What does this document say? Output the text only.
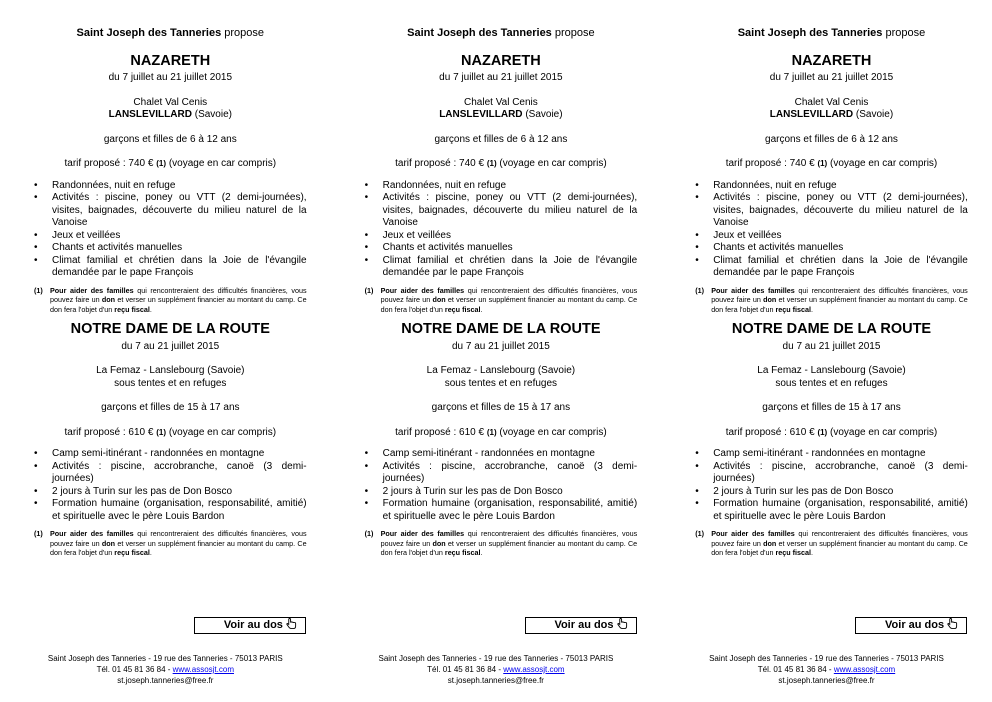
Saint Joseph des Tanneries propose
NAZARETH
du 7 juillet au 21 juillet 2015
Chalet Val Cenis
LANSLEVILLARD (Savoie)
garçons et filles de 6 à 12 ans
tarif proposé : 740 € (1) (voyage en car compris)
• Randonnées, nuit en refuge
• Activités : piscine, poney ou VTT (2 demi-journées), visites, baignades, découverte du milieu naturel de la Vanoise
• Jeux et veillées
• Chants et activités manuelles
• Climat familial et chrétien dans la Joie de l'évangile demandée par le pape François
(1)	Pour aider des familles qui rencontreraient des difficultés financières, vous pouvez faire un don et verser un supplément financier au montant du camp. Ce don fera l'objet d'un reçu fiscal.
NOTRE DAME DE LA ROUTE
du 7 au 21 juillet 2015
La Femaz - Lanslebourg (Savoie)
sous tentes et en refuges
garçons et filles de 15 à 17 ans
tarif proposé : 610 € (1) (voyage en car compris)
• Camp semi-itinérant - randonnées en montagne
• Activités : piscine, accrobranche, canoë (3 demi-journées)
• 2 jours à Turin sur les pas de Don Bosco
• Formation humaine (organisation, responsabilité, amitié) et spirituelle avec le père Louis Bardon
(1)	Pour aider des familles qui rencontreraient des difficultés financières, vous pouvez faire un don et verser un supplément financier au montant du camp. Ce don fera l'objet d'un reçu fiscal.
Voir au dos
Saint Joseph des Tanneries - 19 rue des Tanneries - 75013 PARIS
Tél. 01 45 81 36 84 - www.assosjt.com
st.joseph.tanneries@free.fr
Saint Joseph des Tanneries propose
NAZARETH
du 7 juillet au 21 juillet 2015
Chalet Val Cenis
LANSLEVILLARD (Savoie)
garçons et filles de 6 à 12 ans
tarif proposé : 740 € (1) (voyage en car compris)
• Randonnées, nuit en refuge
• Activités : piscine, poney ou VTT (2 demi-journées), visites, baignades, découverte du milieu naturel de la Vanoise
• Jeux et veillées
• Chants et activités manuelles
• Climat familial et chrétien dans la Joie de l'évangile demandée par le pape François
(1)	Pour aider des familles qui rencontreraient des difficultés financières, vous pouvez faire un don et verser un supplément financier au montant du camp. Ce don fera l'objet d'un reçu fiscal.
NOTRE DAME DE LA ROUTE
du 7 au 21 juillet 2015
La Femaz - Lanslebourg (Savoie)
sous tentes et en refuges
garçons et filles de 15 à 17 ans
tarif proposé : 610 € (1) (voyage en car compris)
• Camp semi-itinérant - randonnées en montagne
• Activités : piscine, accrobranche, canoë (3 demi-journées)
• 2 jours à Turin sur les pas de Don Bosco
• Formation humaine (organisation, responsabilité, amitié) et spirituelle avec le père Louis Bardon
(1)	Pour aider des familles qui rencontreraient des difficultés financières, vous pouvez faire un don et verser un supplément financier au montant du camp. Ce don fera l'objet d'un reçu fiscal.
Voir au dos
Saint Joseph des Tanneries - 19 rue des Tanneries - 75013 PARIS
Tél. 01 45 81 36 84 - www.assosjt.com
st.joseph.tanneries@free.fr
Saint Joseph des Tanneries propose
NAZARETH
du 7 juillet au 21 juillet 2015
Chalet Val Cenis
LANSLEVILLARD (Savoie)
garçons et filles de 6 à 12 ans
tarif proposé : 740 € (1) (voyage en car compris)
• Randonnées, nuit en refuge
• Activités : piscine, poney ou VTT (2 demi-journées), visites, baignades, découverte du milieu naturel de la Vanoise
• Jeux et veillées
• Chants et activités manuelles
• Climat familial et chrétien dans la Joie de l'évangile demandée par le pape François
(1)	Pour aider des familles qui rencontreraient des difficultés financières, vous pouvez faire un don et verser un supplément financier au montant du camp. Ce don fera l'objet d'un reçu fiscal.
NOTRE DAME DE LA ROUTE
du 7 au 21 juillet 2015
La Femaz - Lanslebourg (Savoie)
sous tentes et en refuges
garçons et filles de 15 à 17 ans
tarif proposé : 610 € (1) (voyage en car compris)
• Camp semi-itinérant - randonnées en montagne
• Activités : piscine, accrobranche, canoë (3 demi-journées)
• 2 jours à Turin sur les pas de Don Bosco
• Formation humaine (organisation, responsabilité, amitié) et spirituelle avec le père Louis Bardon
(1)	Pour aider des familles qui rencontreraient des difficultés financières, vous pouvez faire un don et verser un supplément financier au montant du camp. Ce don fera l'objet d'un reçu fiscal.
Voir au dos
Saint Joseph des Tanneries - 19 rue des Tanneries - 75013 PARIS
Tél. 01 45 81 36 84 - www.assosjt.com
st.joseph.tanneries@free.fr
